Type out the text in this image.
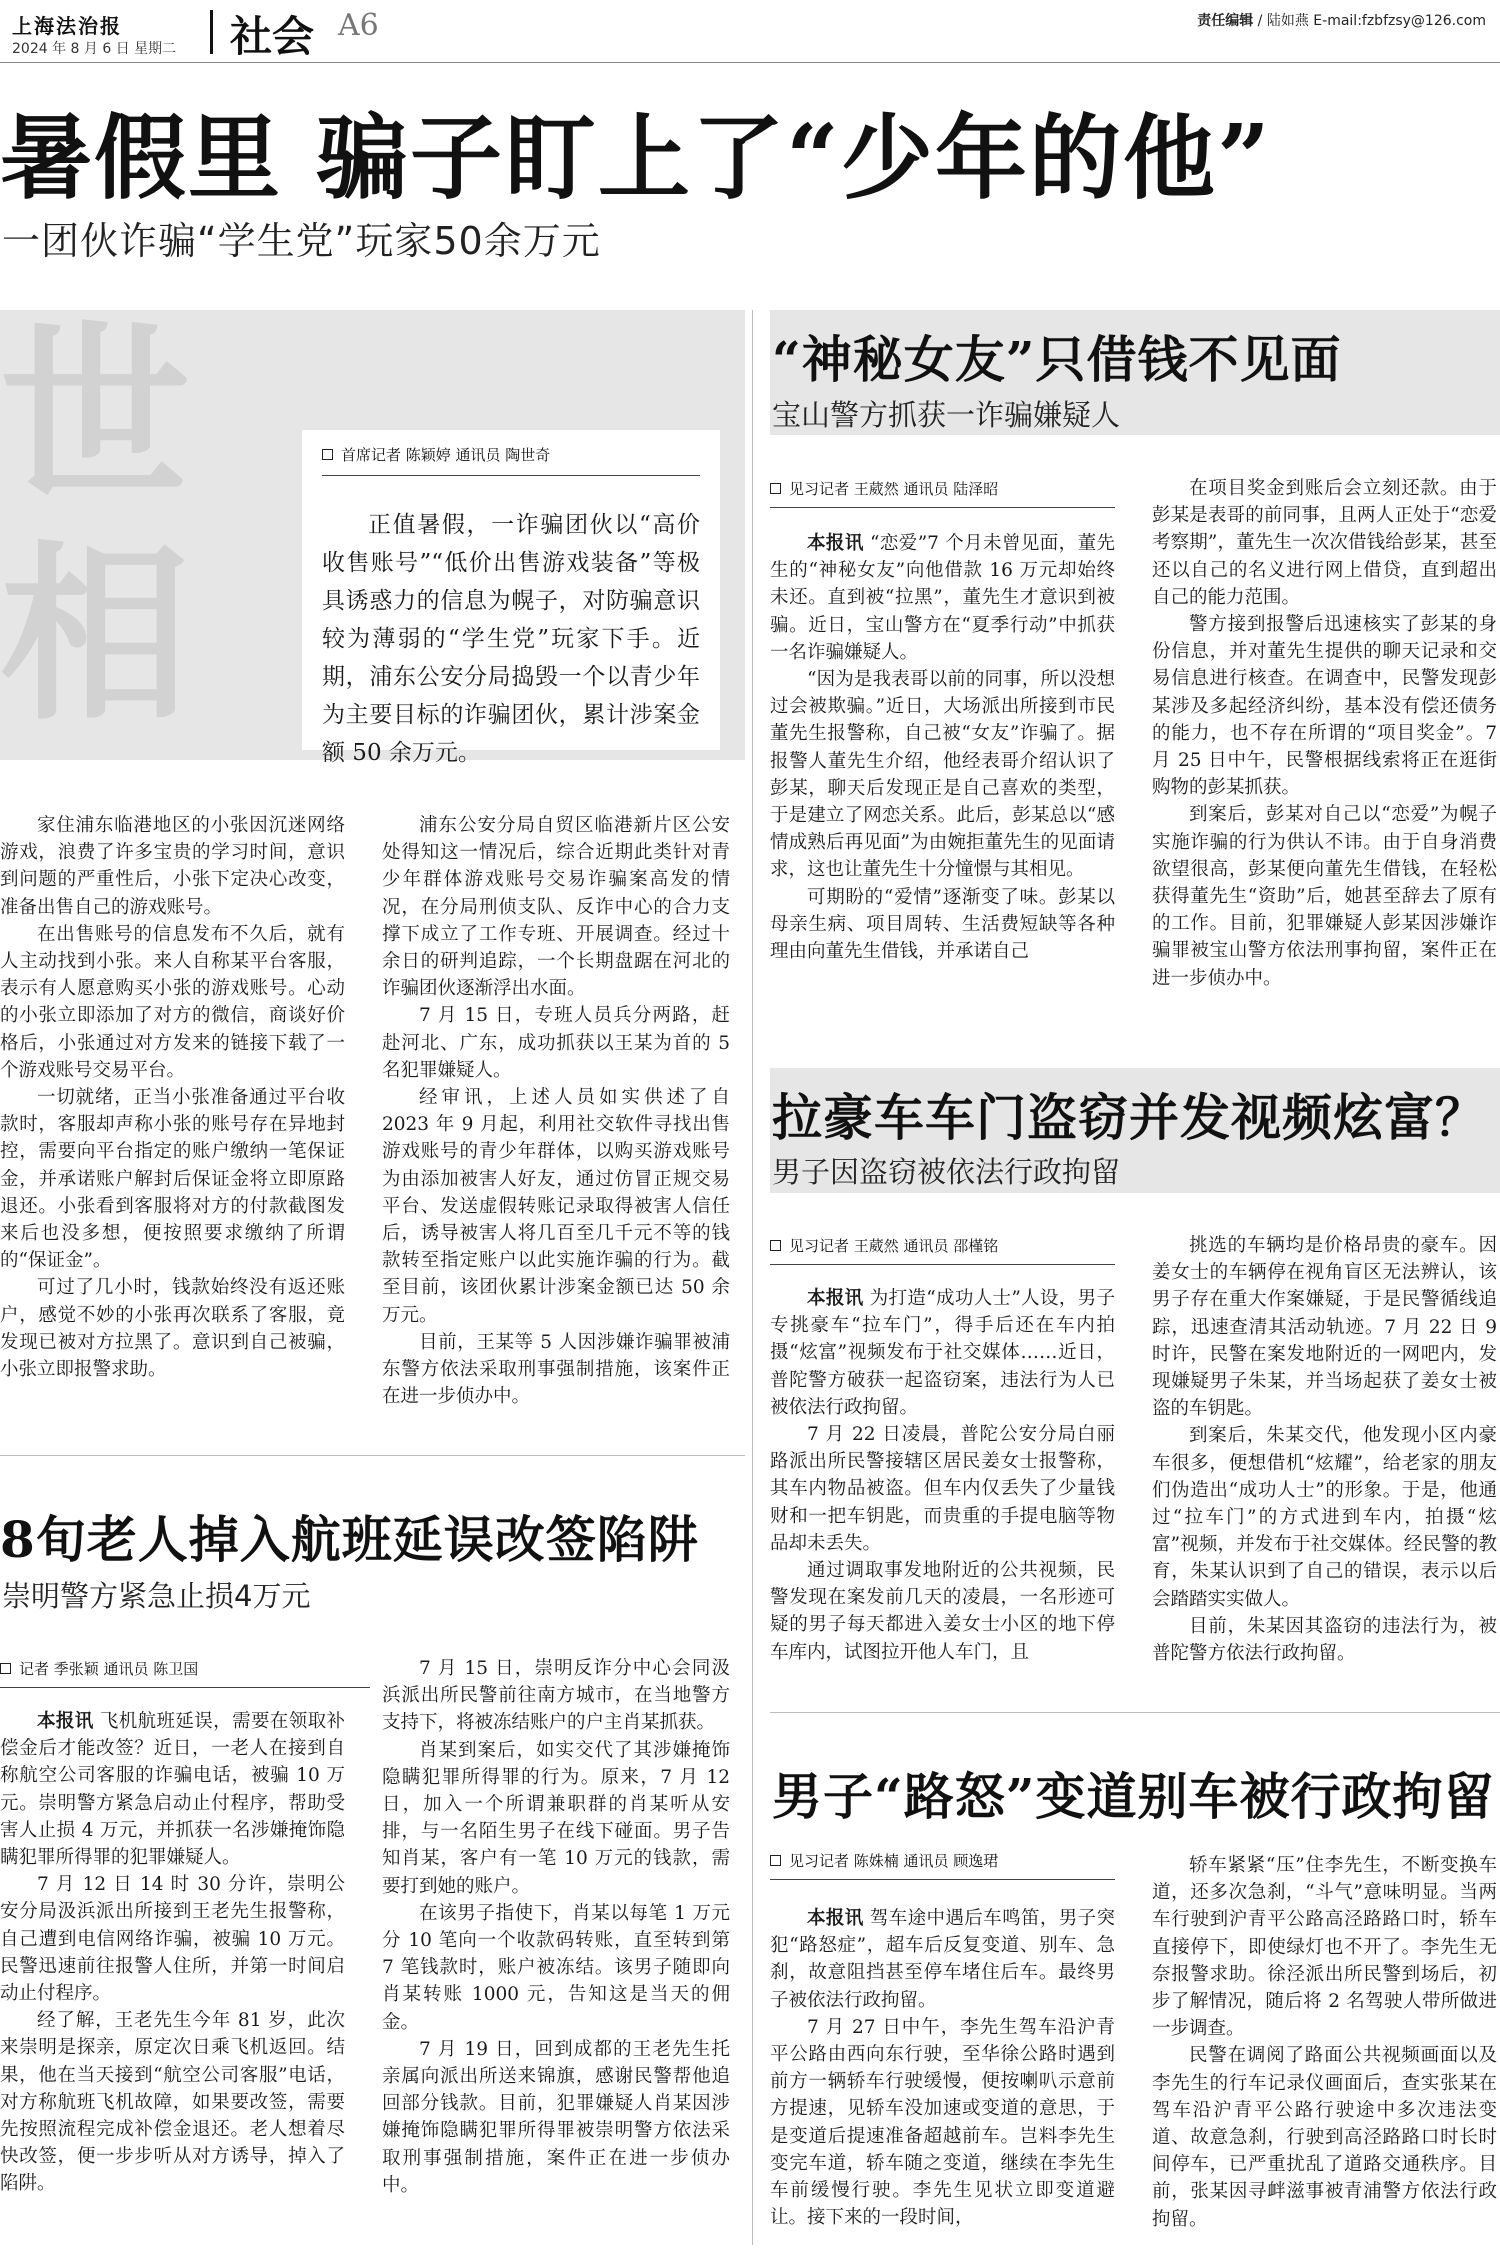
上海法治报
2024 年 8 月 6 日 星期二 社会 A6	责任编辑 / 陆如燕 E-mail:fzbfzsy@126.com
暑假里 骗子盯上了“少年的他”
一团伙诈骗“学生党”玩家50余万元
世
相
首席记者 陈颖婷 通讯员 陶世奇
正值暑假，一诈骗团伙以“高价收售账号”“低价出售游戏装备”等极具诱惑力的信息为幌子，对防骗意识较为薄弱的“学生党”玩家下手。近期，浦东公安分局捣毁一个以青少年为主要目标的诈骗团伙，累计涉案金额 50 余万元。

家住浦东临港地区的小张因沉迷网络游戏，浪费了许多宝贵的学习时间，意识到问题的严重性后，小张下定决心改变，准备出售自己的游戏账号。

在出售账号的信息发布不久后，就有人主动找到小张。来人自称某平台客服，表示有人愿意购买小张的游戏账号。心动的小张立即添加了对方的微信，商谈好价格后，小张通过对方发来的链接下载了一个游戏账号交易平台。

一切就绪，正当小张准备通过平台收款时，客服却声称小张的账号存在异地封控，需要向平台指定的账户缴纳一笔保证金，并承诺账户解封后保证金将立即原路退还。小张看到客服将对方的付款截图发来后也没多想，便按照要求缴纳了所谓的“保证金”。

可过了几小时，钱款始终没有返还账户，感觉不妙的小张再次联系了客服，竟发现已被对方拉黑了。意识到自己被骗，小张立即报警求助。

浦东公安分局自贸区临港新片区公安处得知这一情况后，综合近期此类针对青少年群体游戏账号交易诈骗案高发的情况，在分局刑侦支队、反诈中心的合力支撑下成立了工作专班、开展调查。经过十余日的研判追踪，一个长期盘踞在河北的诈骗团伙逐渐浮出水面。

7 月 15 日，专班人员兵分两路，赶赴河北、广东，成功抓获以王某为首的 5 名犯罪嫌疑人。

经审讯，上述人员如实供述了自 2023 年 9 月起，利用社交软件寻找出售游戏账号的青少年群体，以购买游戏账号为由添加被害人好友，通过仿冒正规交易平台、发送虚假转账记录取得被害人信任后，诱导被害人将几百至几千元不等的钱款转至指定账户以此实施诈骗的行为。截至目前，该团伙累计涉案金额已达 50 余万元。

目前，王某等 5 人因涉嫌诈骗罪被浦东警方依法采取刑事强制措施，该案件正在进一步侦办中。

8旬老人掉入航班延误改签陷阱
崇明警方紧急止损4万元
记者 季张颖 通讯员 陈卫国

本报讯 飞机航班延误，需要在领取补偿金后才能改签？近日，一老人在接到自称航空公司客服的诈骗电话，被骗 10 万元。崇明警方紧急启动止付程序，帮助受害人止损 4 万元，并抓获一名涉嫌掩饰隐瞒犯罪所得罪的犯罪嫌疑人。

7 月 12 日 14 时 30 分许，崇明公安分局汲浜派出所接到王老先生报警称，自己遭到电信网络诈骗，被骗 10 万元。民警迅速前往报警人住所，并第一时间启动止付程序。

经了解，王老先生今年 81 岁，此次来崇明是探亲，原定次日乘飞机返回。结果，他在当天接到“航空公司客服”电话，对方称航班飞机故障，如果要改签，需要先按照流程完成补偿金退还。老人想着尽快改签，便一步步听从对方诱导，掉入了陷阱。

7 月 15 日，崇明反诈分中心会同汲浜派出所民警前往南方城市，在当地警方支持下，将被冻结账户的户主肖某抓获。

肖某到案后，如实交代了其涉嫌掩饰隐瞒犯罪所得罪的行为。原来，7 月 12 日，加入一个所谓兼职群的肖某听从安排，与一名陌生男子在线下碰面。男子告知肖某，客户有一笔 10 万元的钱款，需要打到她的账户。

在该男子指使下，肖某以每笔 1 万元分 10 笔向一个收款码转账，直至转到第 7 笔钱款时，账户被冻结。该男子随即向肖某转账 1000 元，告知这是当天的佣金。

7 月 19 日，回到成都的王老先生托亲属向派出所送来锦旗，感谢民警帮他追回部分钱款。目前，犯罪嫌疑人肖某因涉嫌掩饰隐瞒犯罪所得罪被崇明警方依法采取刑事强制措施，案件正在进一步侦办中。

“神秘女友”只借钱不见面
宝山警方抓获一诈骗嫌疑人
见习记者 王葳然 通讯员 陆泽昭

本报讯 “恋爱”7 个月未曾见面，董先生的“神秘女友”向他借款 16 万元却始终未还。直到被“拉黑”，董先生才意识到被骗。近日，宝山警方在“夏季行动”中抓获一名诈骗嫌疑人。

“因为是我表哥以前的同事，所以没想过会被欺骗。”近日，大场派出所接到市民董先生报警称，自己被“女友”诈骗了。据报警人董先生介绍，他经表哥介绍认识了彭某，聊天后发现正是自己喜欢的类型，于是建立了网恋关系。此后，彭某总以“感情成熟后再见面”为由婉拒董先生的见面请求，这也让董先生十分憧憬与其相见。

可期盼的“爱情”逐渐变了味。彭某以母亲生病、项目周转、生活费短缺等各种理由向董先生借钱，并承诺自己

在项目奖金到账后会立刻还款。由于彭某是表哥的前同事，且两人正处于“恋爱考察期”，董先生一次次借钱给彭某，甚至还以自己的名义进行网上借贷，直到超出自己的能力范围。

警方接到报警后迅速核实了彭某的身份信息，并对董先生提供的聊天记录和交易信息进行核查。在调查中，民警发现彭某涉及多起经济纠纷，基本没有偿还债务的能力，也不存在所谓的“项目奖金”。7 月 25 日中午，民警根据线索将正在逛街购物的彭某抓获。

到案后，彭某对自己以“恋爱”为幌子实施诈骗的行为供认不讳。由于自身消费欲望很高，彭某便向董先生借钱，在轻松获得董先生“资助”后，她甚至辞去了原有的工作。目前，犯罪嫌疑人彭某因涉嫌诈骗罪被宝山警方依法刑事拘留，案件正在进一步侦办中。

拉豪车车门盗窃并发视频炫富？
男子因盗窃被依法行政拘留
见习记者 王葳然 通讯员 邵槿铭

本报讯 为打造“成功人士”人设，男子专挑豪车“拉车门”，得手后还在车内拍摄“炫富”视频发布于社交媒体……近日，普陀警方破获一起盗窃案，违法行为人已被依法行政拘留。

7 月 22 日凌晨，普陀公安分局白丽路派出所民警接辖区居民姜女士报警称，其车内物品被盗。但车内仅丢失了少量钱财和一把车钥匙，而贵重的手提电脑等物品却未丢失。

通过调取事发地附近的公共视频，民警发现在案发前几天的凌晨，一名形迹可疑的男子每天都进入姜女士小区的地下停车库内，试图拉开他人车门，且

挑选的车辆均是价格昂贵的豪车。因姜女士的车辆停在视角盲区无法辨认，该男子存在重大作案嫌疑，于是民警循线追踪，迅速查清其活动轨迹。7 月 22 日 9 时许，民警在案发地附近的一网吧内，发现嫌疑男子朱某，并当场起获了姜女士被盗的车钥匙。

到案后，朱某交代，他发现小区内豪车很多，便想借机“炫耀”，给老家的朋友们伪造出“成功人士”的形象。于是，他通过“拉车门”的方式进到车内，拍摄“炫富”视频，并发布于社交媒体。经民警的教育，朱某认识到了自己的错误，表示以后会踏踏实实做人。

目前，朱某因其盗窃的违法行为，被普陀警方依法行政拘留。

男子“路怒”变道别车被行政拘留
见习记者 陈姝楠 通讯员 顾逸珺

本报讯 驾车途中遇后车鸣笛，男子突犯“路怒症”，超车后反复变道、别车、急刹，故意阻挡甚至停车堵住后车。最终男子被依法行政拘留。

7 月 27 日中午，李先生驾车沿沪青平公路由西向东行驶，至华徐公路时遇到前方一辆轿车行驶缓慢，便按喇叭示意前方提速，见轿车没加速或变道的意思，于是变道后提速准备超越前车。岂料李先生变完车道，轿车随之变道，继续在李先生车前缓慢行驶。李先生见状立即变道避让。接下来的一段时间，

轿车紧紧“压”住李先生，不断变换车道，还多次急刹，“斗气”意味明显。当两车行驶到沪青平公路高泾路路口时，轿车直接停下，即使绿灯也不开了。李先生无奈报警求助。徐泾派出所民警到场后，初步了解情况，随后将 2 名驾驶人带所做进一步调查。

民警在调阅了路面公共视频画面以及李先生的行车记录仪画面后，查实张某在驾车沿沪青平公路行驶途中多次违法变道、故意急刹，行驶到高泾路路口时长时间停车，已严重扰乱了道路交通秩序。目前，张某因寻衅滋事被青浦警方依法行政拘留。
